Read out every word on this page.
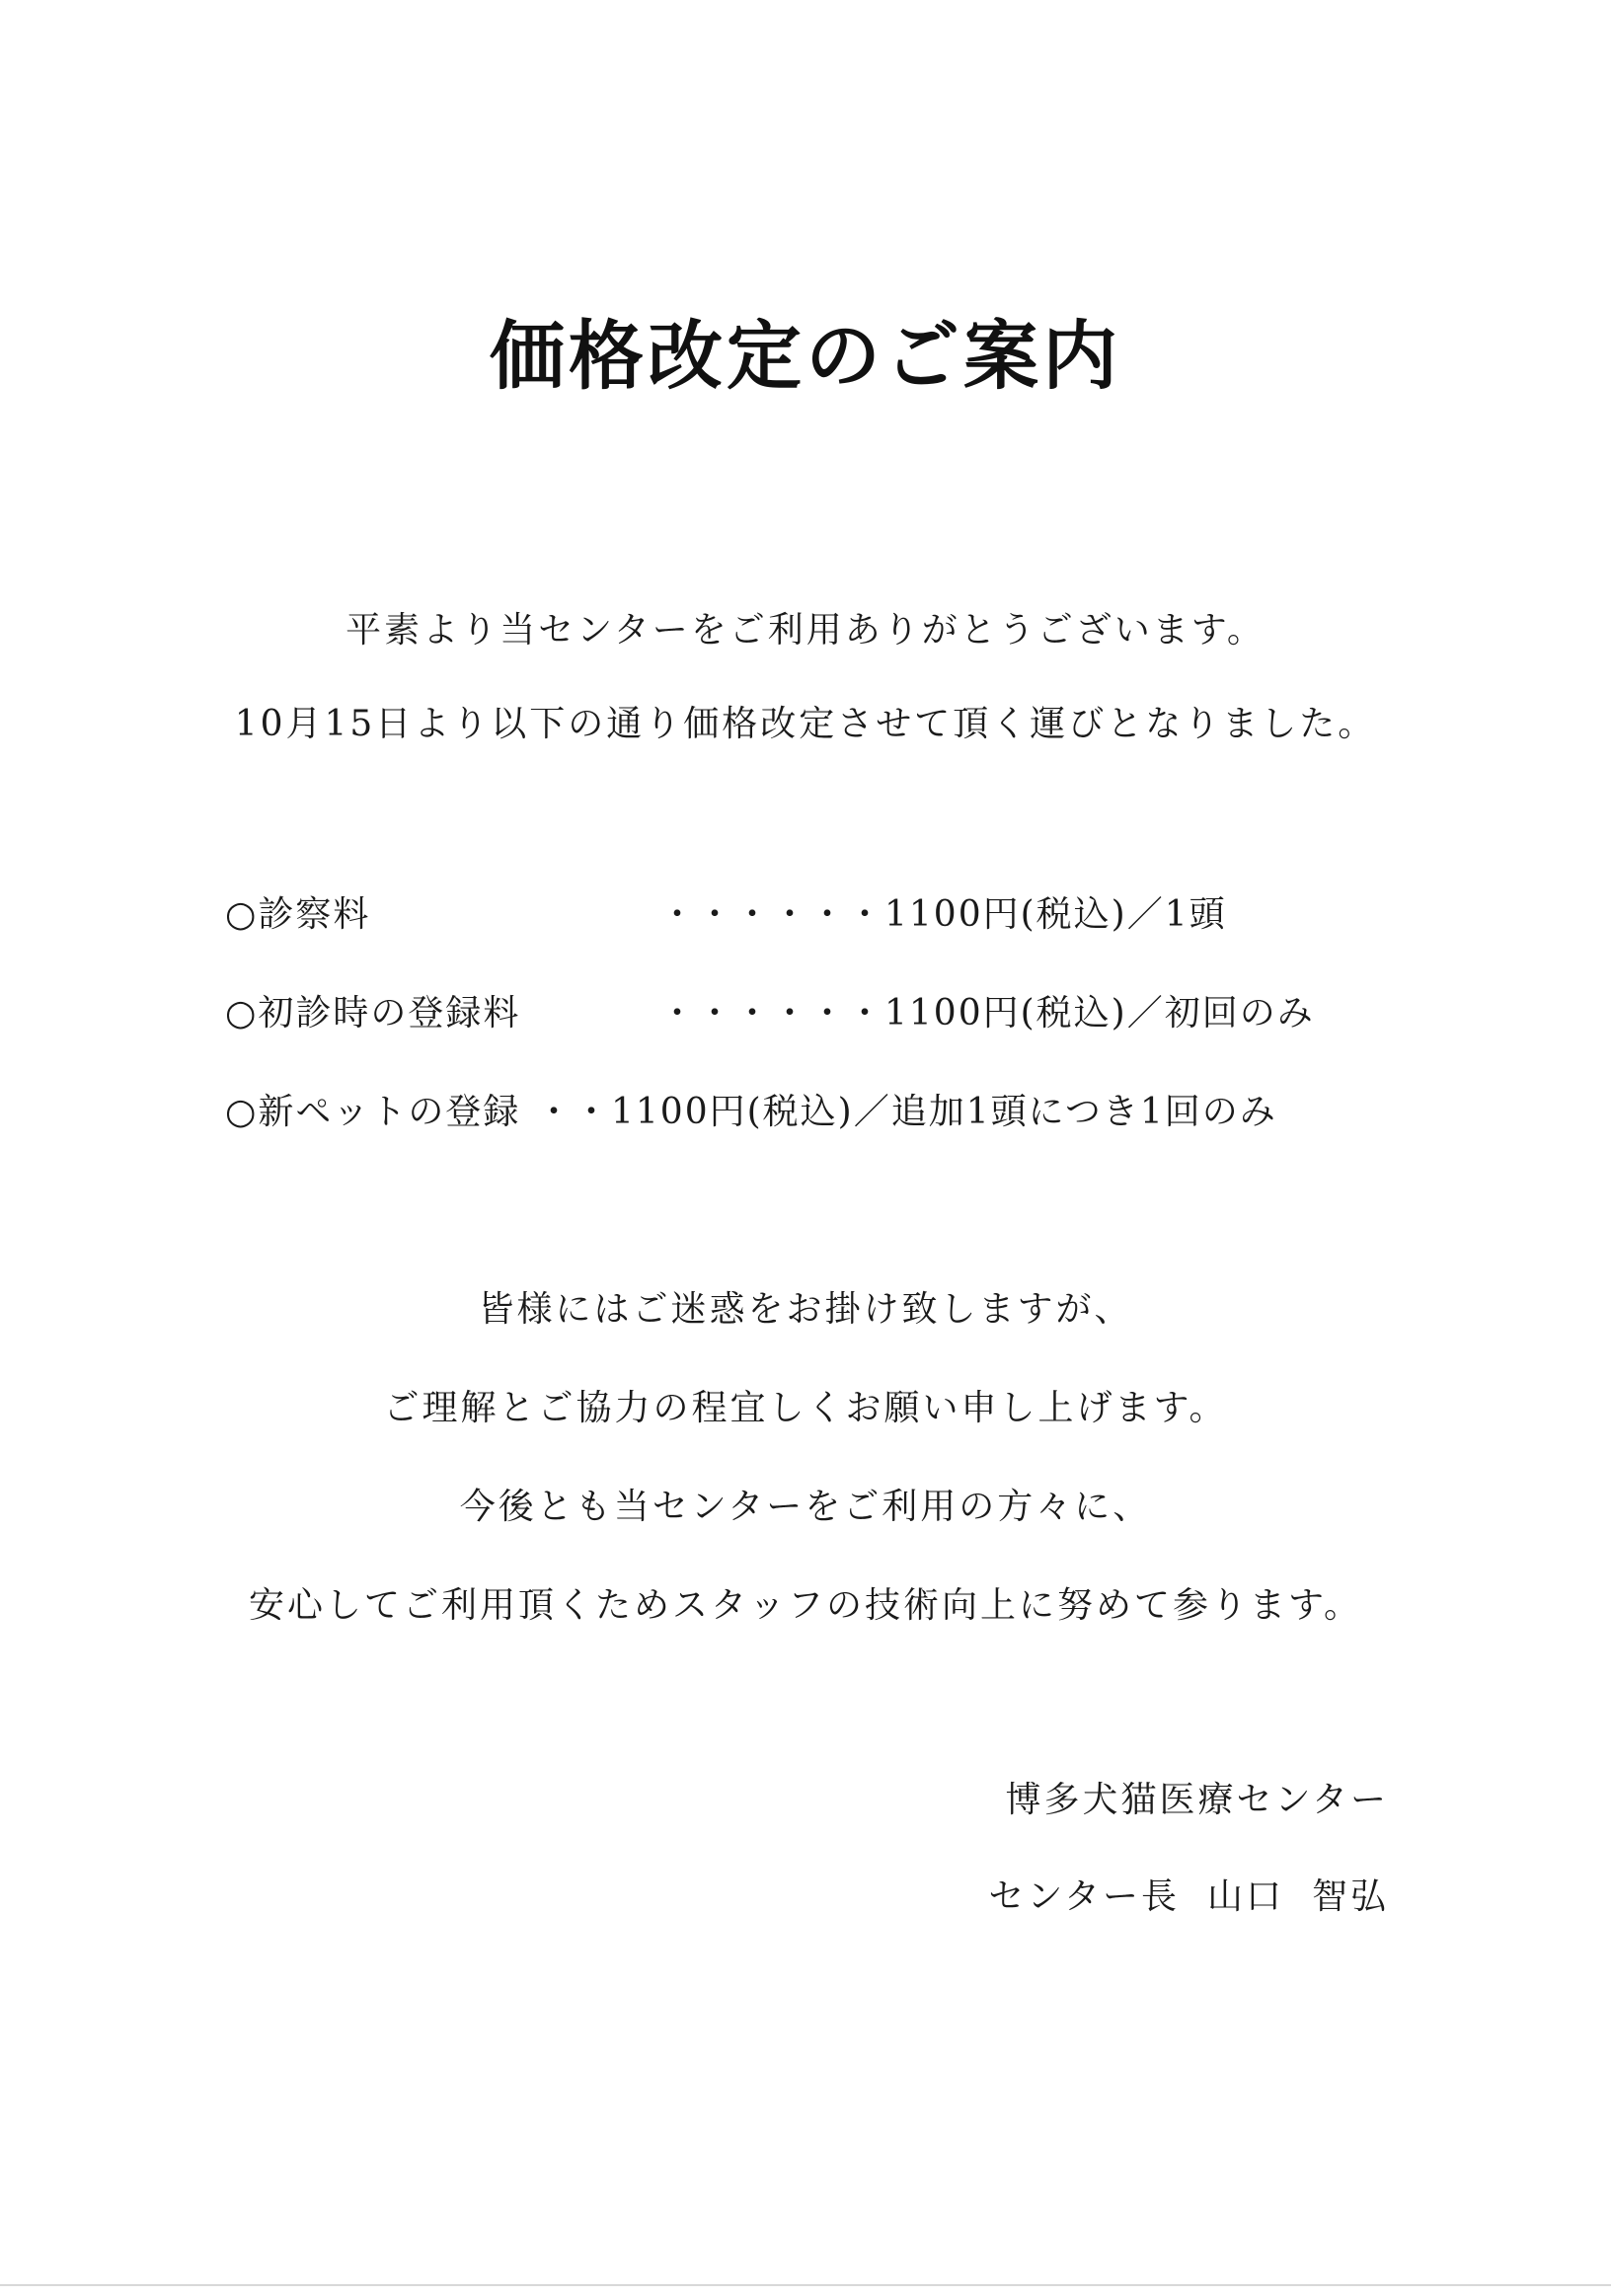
価格改定のご案内
平素より当センターをご利用ありがとうございます。
10月15日より以下の通り価格改定させて頂く運びとなりました。
○診察料	・・・・・・1100円(税込)／1頭
○初診時の登録料	・・・・・・1100円(税込)／初回のみ
○新ペットの登録 ・・1100円(税込)／追加1頭につき1回のみ
皆様にはご迷惑をお掛け致しますが、
ご理解とご協力の程宜しくお願い申し上げます。
今後とも当センターをご利用の方々に、
安心してご利用頂くためスタッフの技術向上に努めて参ります。
博多犬猫医療センター
センター長 山口 智弘
